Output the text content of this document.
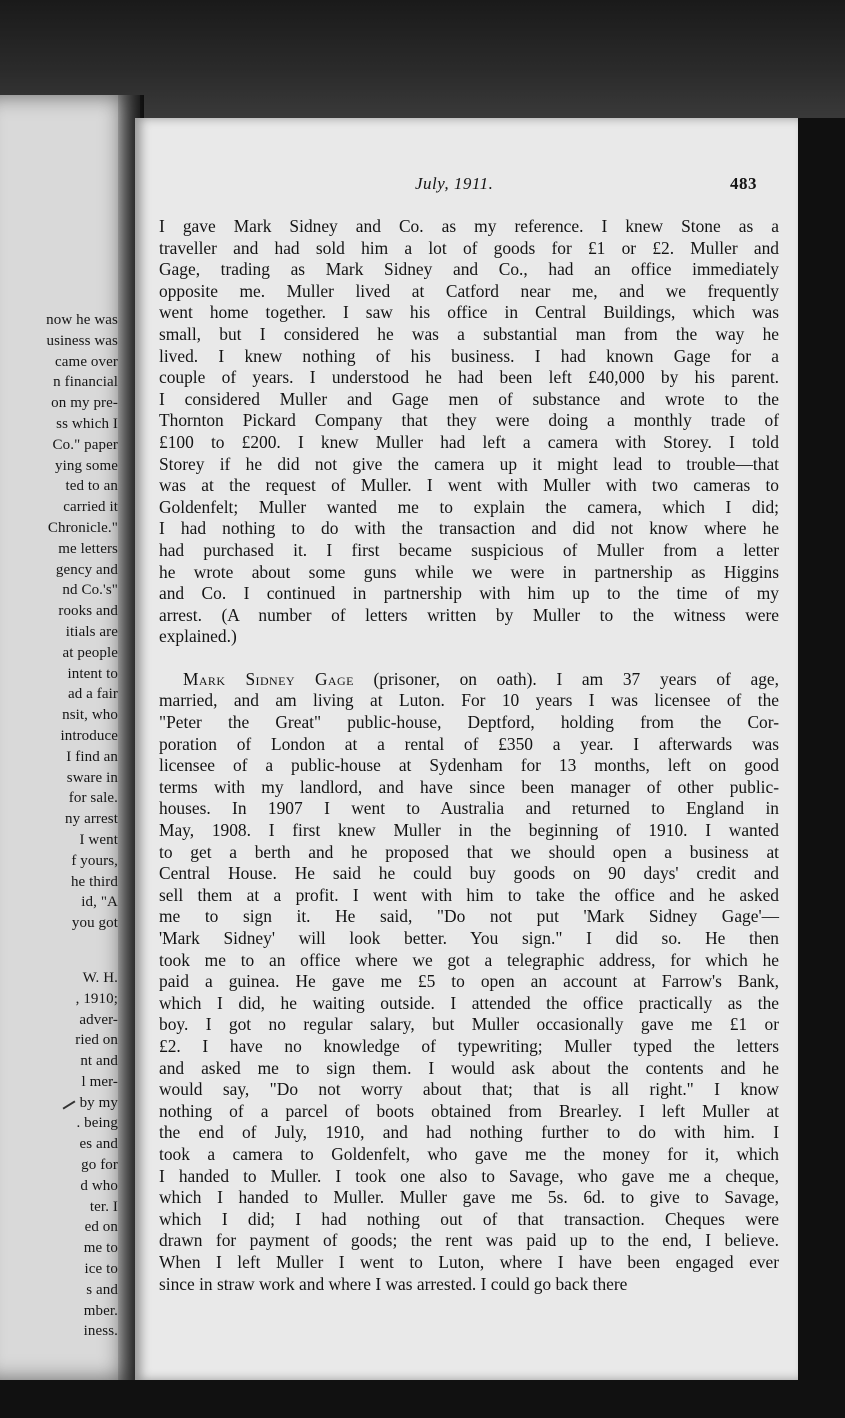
now he was
usiness was
came over
n financial
on my pre-
ss which I
Co." paper
ying some
ted to an
carried it
Chronicle."
me letters
gency and
nd Co.'s"
rooks and
itials are
at people
intent to
ad a fair
nsit, who
introduce
I find an
sware in
for sale.
ny arrest
I went
f yours,
he third
id, "A
you got
W. H.
, 1910;
adver-
ried on
nt and
l mer-
by my
. being
es and
go for
d who
ter. I
ed on
me to
ice to
s and
mber.
iness.
July, 1911.	483
I gave Mark Sidney and Co. as my reference. I knew Stone as a
traveller and had sold him a lot of goods for £1 or £2. Muller and
Gage, trading as Mark Sidney and Co., had an office immediately
opposite me. Muller lived at Catford near me, and we frequently
went home together. I saw his office in Central Buildings, which was
small, but I considered he was a substantial man from the way he
lived. I knew nothing of his business. I had known Gage for a
couple of years. I understood he had been left £40,000 by his parent.
I considered Muller and Gage men of substance and wrote to the
Thornton Pickard Company that they were doing a monthly trade of
£100 to £200. I knew Muller had left a camera with Storey. I told
Storey if he did not give the camera up it might lead to trouble—that
was at the request of Muller. I went with Muller with two cameras to
Goldenfelt; Muller wanted me to explain the camera, which I did;
I had nothing to do with the transaction and did not know where he
had purchased it. I first became suspicious of Muller from a letter
he wrote about some guns while we were in partnership as Higgins
and Co. I continued in partnership with him up to the time of my
arrest. (A number of letters written by Muller to the witness were
explained.)
Mark Sidney Gage (prisoner, on oath). I am 37 years of age,
married, and am living at Luton. For 10 years I was licensee of the
"Peter the Great" public-house, Deptford, holding from the Cor-
poration of London at a rental of £350 a year. I afterwards was
licensee of a public-house at Sydenham for 13 months, left on good
terms with my landlord, and have since been manager of other public-
houses. In 1907 I went to Australia and returned to England in
May, 1908. I first knew Muller in the beginning of 1910. I wanted
to get a berth and he proposed that we should open a business at
Central House. He said he could buy goods on 90 days' credit and
sell them at a profit. I went with him to take the office and he asked
me to sign it. He said, "Do not put 'Mark Sidney Gage'—
'Mark Sidney' will look better. You sign." I did so. He then
took me to an office where we got a telegraphic address, for which he
paid a guinea. He gave me £5 to open an account at Farrow's Bank,
which I did, he waiting outside. I attended the office practically as the
boy. I got no regular salary, but Muller occasionally gave me £1 or
£2. I have no knowledge of typewriting; Muller typed the letters
and asked me to sign them. I would ask about the contents and he
would say, "Do not worry about that; that is all right." I know
nothing of a parcel of boots obtained from Brearley. I left Muller at
the end of July, 1910, and had nothing further to do with him. I
took a camera to Goldenfelt, who gave me the money for it, which
I handed to Muller. I took one also to Savage, who gave me a cheque,
which I handed to Muller. Muller gave me 5s. 6d. to give to Savage,
which I did; I had nothing out of that transaction. Cheques were
drawn for payment of goods; the rent was paid up to the end, I believe.
When I left Muller I went to Luton, where I have been engaged ever
since in straw work and where I was arrested. I could go back there
